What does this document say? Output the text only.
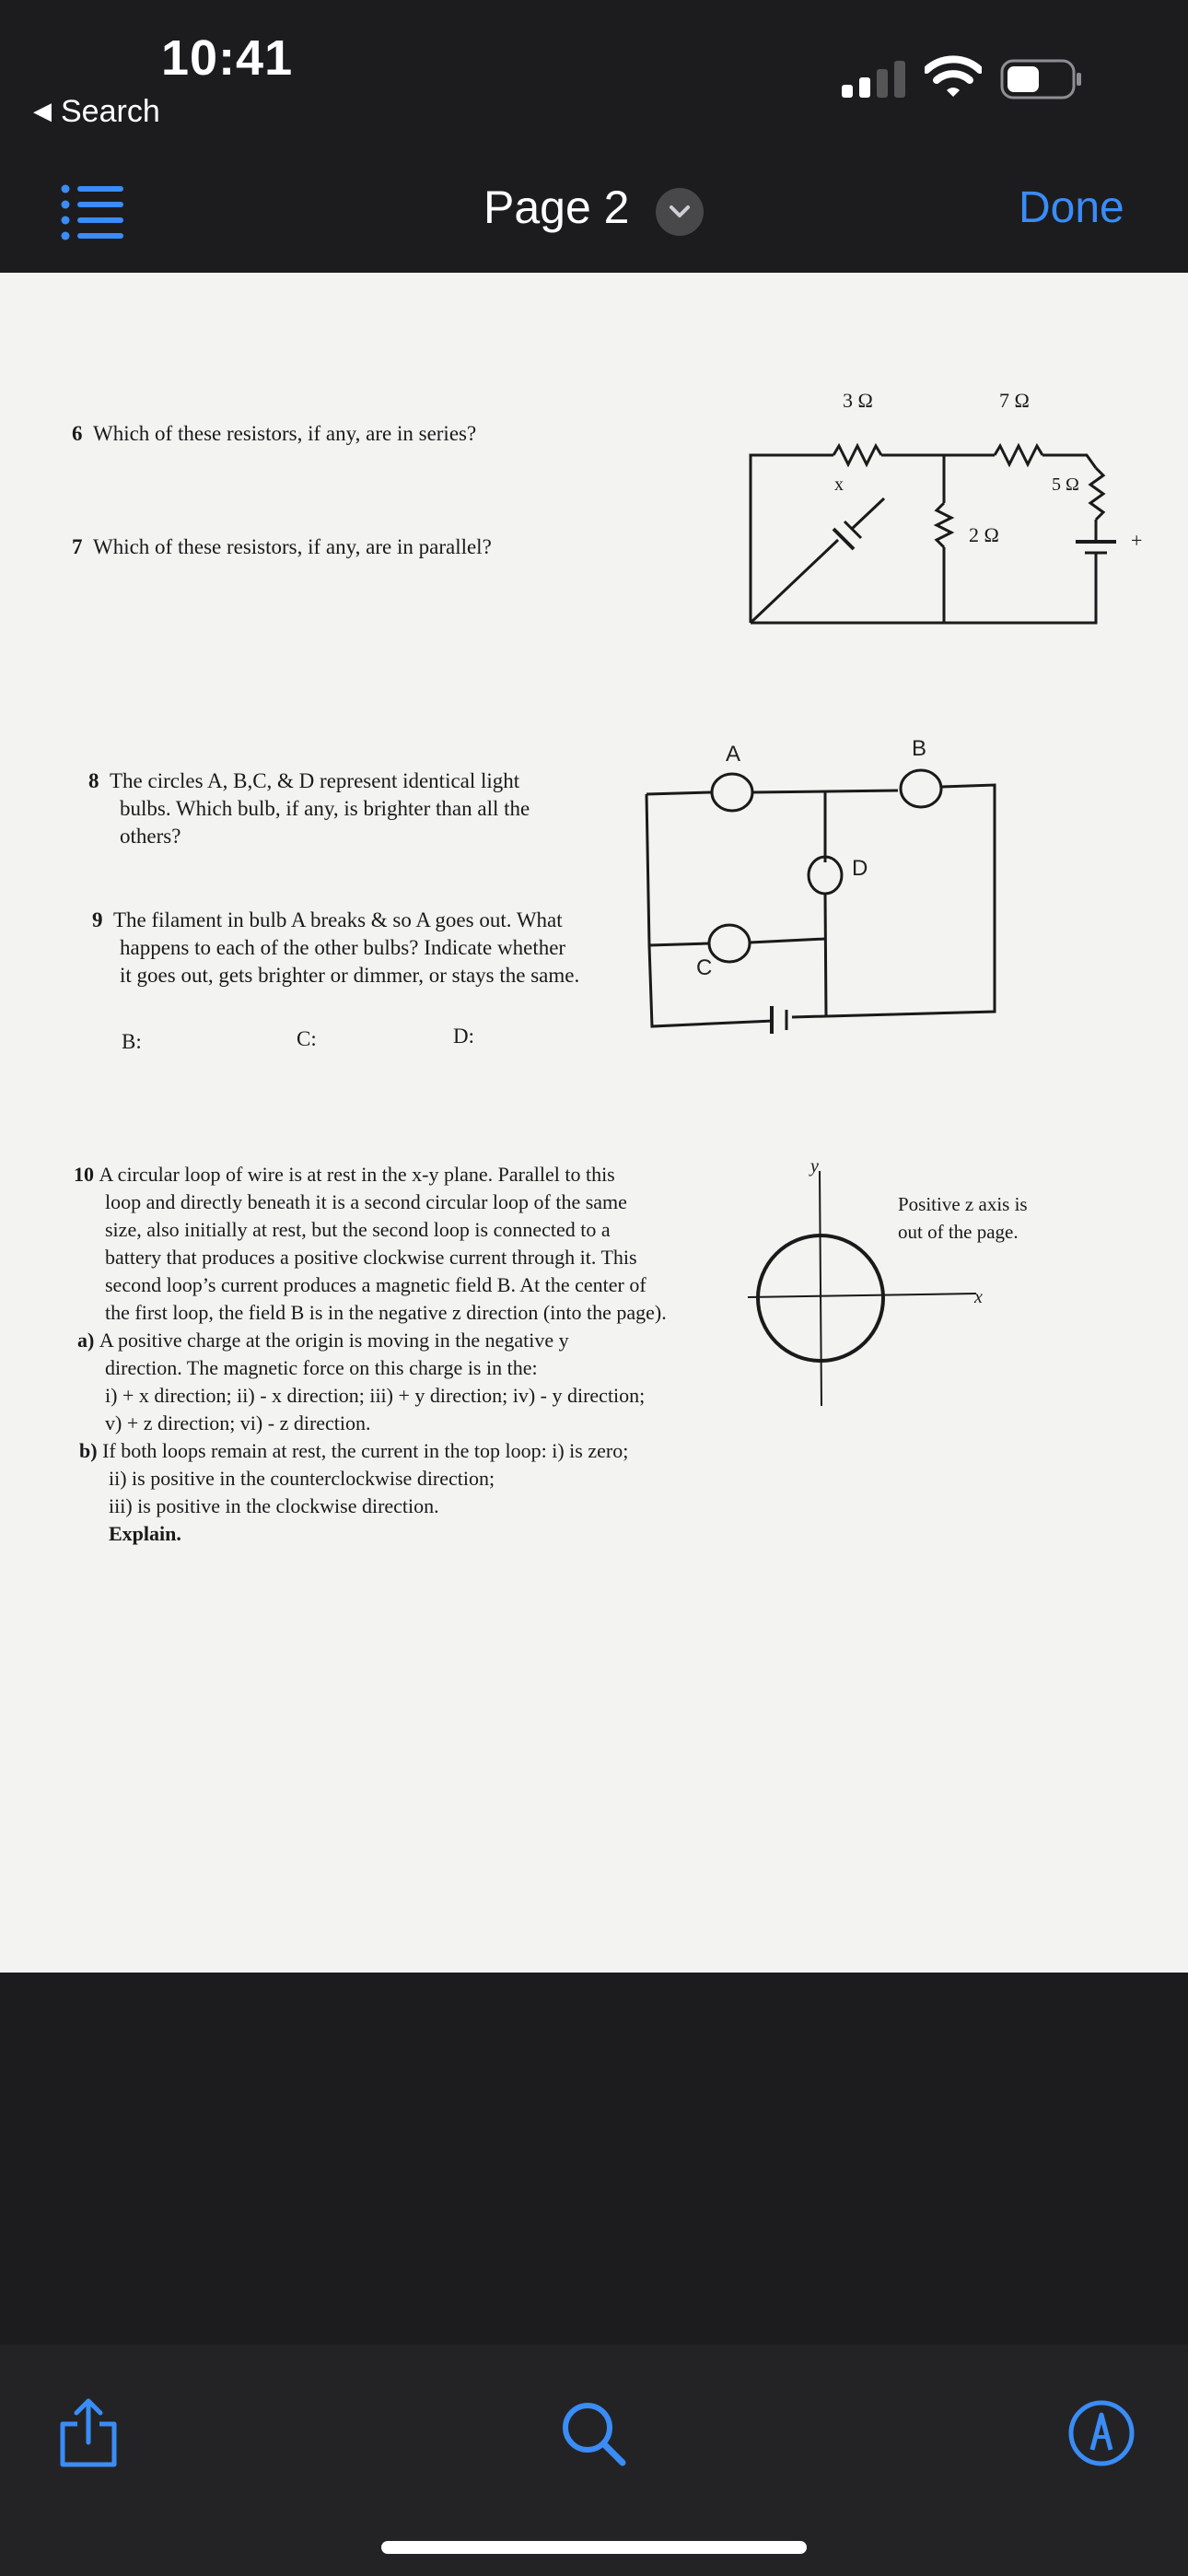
10:41
◀ Search
Page 2	Done
6 Which of these resistors, if any, are in series?
7 Which of these resistors, if any, are in parallel?
3 Ω	7 Ω
5 Ω
2 Ω
x
+
8 The circles A, B,C, & D represent identical light
bulbs. Which bulb, if any, is brighter than all the
others?
9 The filament in bulb A breaks & so A goes out. What
happens to each of the other bulbs? Indicate whether
it goes out, gets brighter or dimmer, or stays the same.
B:	C:	D:
A	B
C
D
10 A circular loop of wire is at rest in the x-y plane. Parallel to this
loop and directly beneath it is a second circular loop of the same
size, also initially at rest, but the second loop is connected to a
battery that produces a positive clockwise current through it. This
second loop’s current produces a magnetic field B. At the center of
the first loop, the field B is in the negative z direction (into the page).
a) A positive charge at the origin is moving in the negative y
direction. The magnetic force on this charge is in the:
i) + x direction; ii) - x direction; iii) + y direction; iv) - y direction;
v) + z direction; vi) - z direction.
b) If both loops remain at rest, the current in the top loop: i) is zero;
ii) is positive in the counterclockwise direction;
iii) is positive in the clockwise direction.
Explain.
y
x
Positive z axis is
out of the page.
